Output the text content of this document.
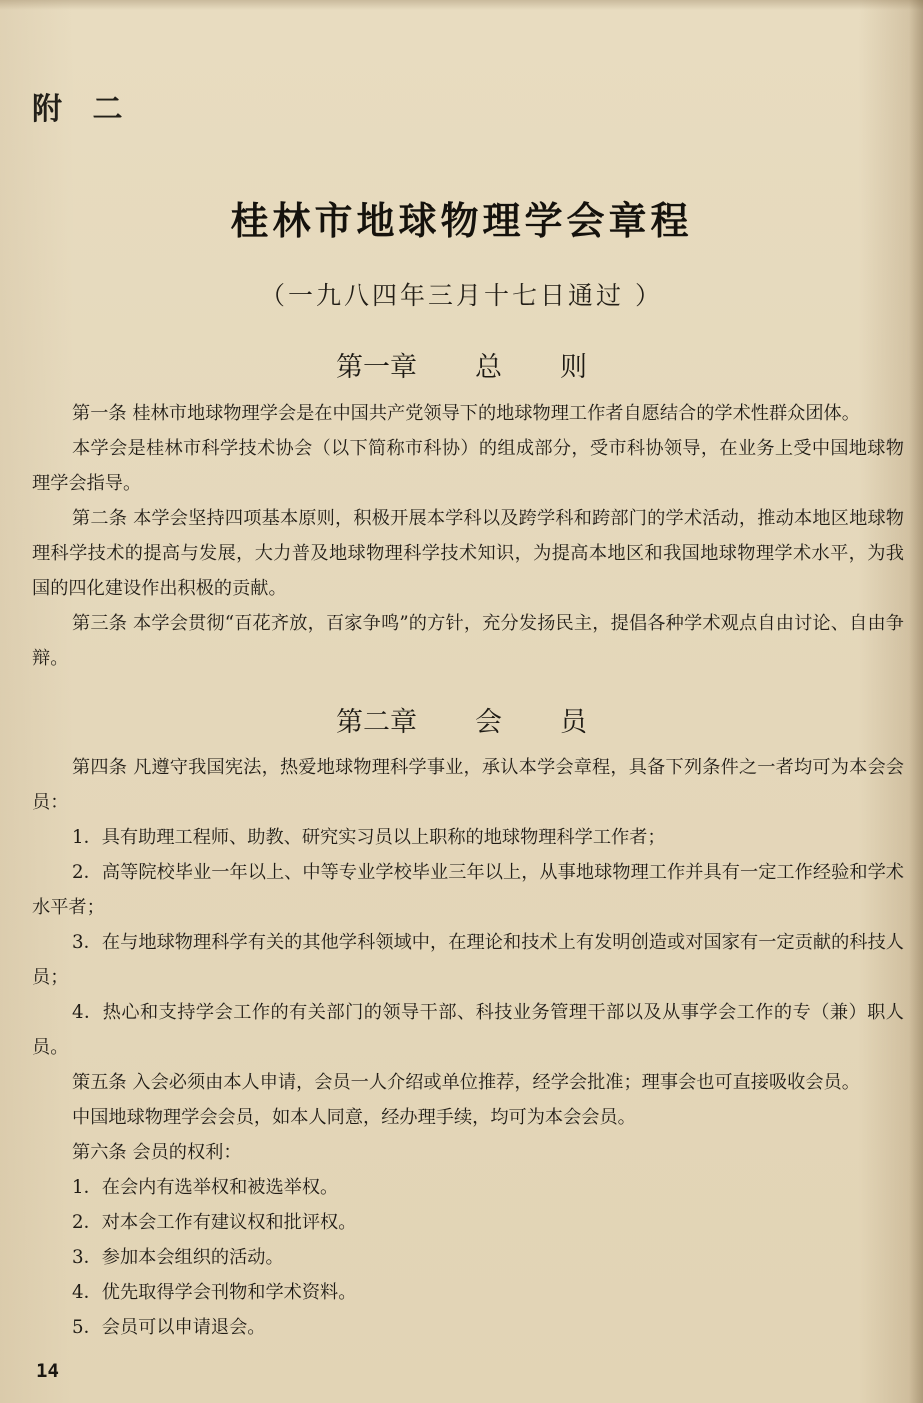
附 二
桂林市地球物理学会章程
（一九八四年三月十七日通过 ）
第一章 总 则

第一条 桂林市地球物理学会是在中国共产党领导下的地球物理工作者自愿结合的学术性群众团体。

本学会是桂林市科学技术协会（以下简称市科协）的组成部分，受市科协领导，在业务上受中国地球物理学会指导。

第二条 本学会坚持四项基本原则，积极开展本学科以及跨学科和跨部门的学术活动，推动本地区地球物理科学技术的提高与发展，大力普及地球物理科学技术知识，为提高本地区和我国地球物理学术水平，为我国的四化建设作出积极的贡献。

第三条 本学会贯彻“百花齐放，百家争鸣”的方针，充分发扬民主，提倡各种学术观点自由讨论、自由争辩。

第二章 会 员

第四条 凡遵守我国宪法，热爱地球物理科学事业，承认本学会章程，具备下列条件之一者均可为本会会员：

1．具有助理工程师、助教、研究实习员以上职称的地球物理科学工作者；

2．高等院校毕业一年以上、中等专业学校毕业三年以上，从事地球物理工作并具有一定工作经验和学术水平者；

3．在与地球物理科学有关的其他学科领域中，在理论和技术上有发明创造或对国家有一定贡献的科技人员；

4．热心和支持学会工作的有关部门的领导干部、科技业务管理干部以及从事学会工作的专（兼）职人员。

策五条 入会必须由本人申请，会员一人介绍或单位推荐，经学会批准；理事会也可直接吸收会员。

中国地球物理学会会员，如本人同意，经办理手续，均可为本会会员。

第六条 会员的权利：

1．在会内有选举权和被选举权。

2．对本会工作有建议权和批评权。

3．参加本会组织的活动。

4．优先取得学会刊物和学术资料。

5．会员可以申请退会。

14
